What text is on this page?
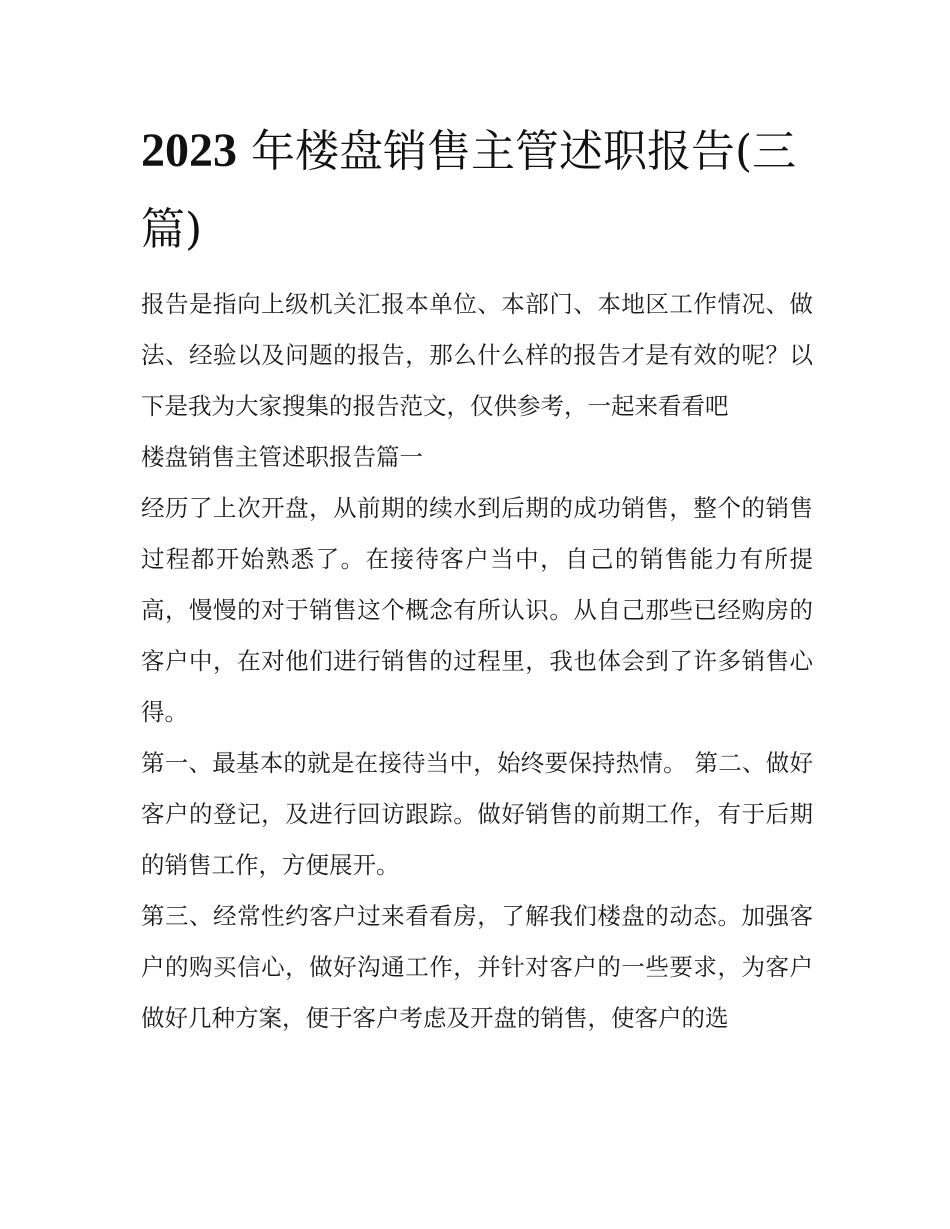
2023 年楼盘销售主管述职报告(三篇)

报告是指向上级机关汇报本单位、本部门、本地区工作情况、做法、经验以及问题的报告，那么什么样的报告才是有效的呢？以下是我为大家搜集的报告范文，仅供参考，一起来看看吧

楼盘销售主管述职报告篇一

经历了上次开盘，从前期的续水到后期的成功销售，整个的销售过程都开始熟悉了。在接待客户当中，自己的销售能力有所提高，慢慢的对于销售这个概念有所认识。从自己那些已经购房的客户中，在对他们进行销售的过程里，我也体会到了许多销售心得。

第一、最基本的就是在接待当中，始终要保持热情。 第二、做好客户的登记，及进行回访跟踪。做好销售的前期工作，有于后期的销售工作，方便展开。

第三、经常性约客户过来看看房，了解我们楼盘的动态。加强客户的购买信心，做好沟通工作，并针对客户的一些要求，为客户做好几种方案，便于客户考虑及开盘的销售，使客户的选
